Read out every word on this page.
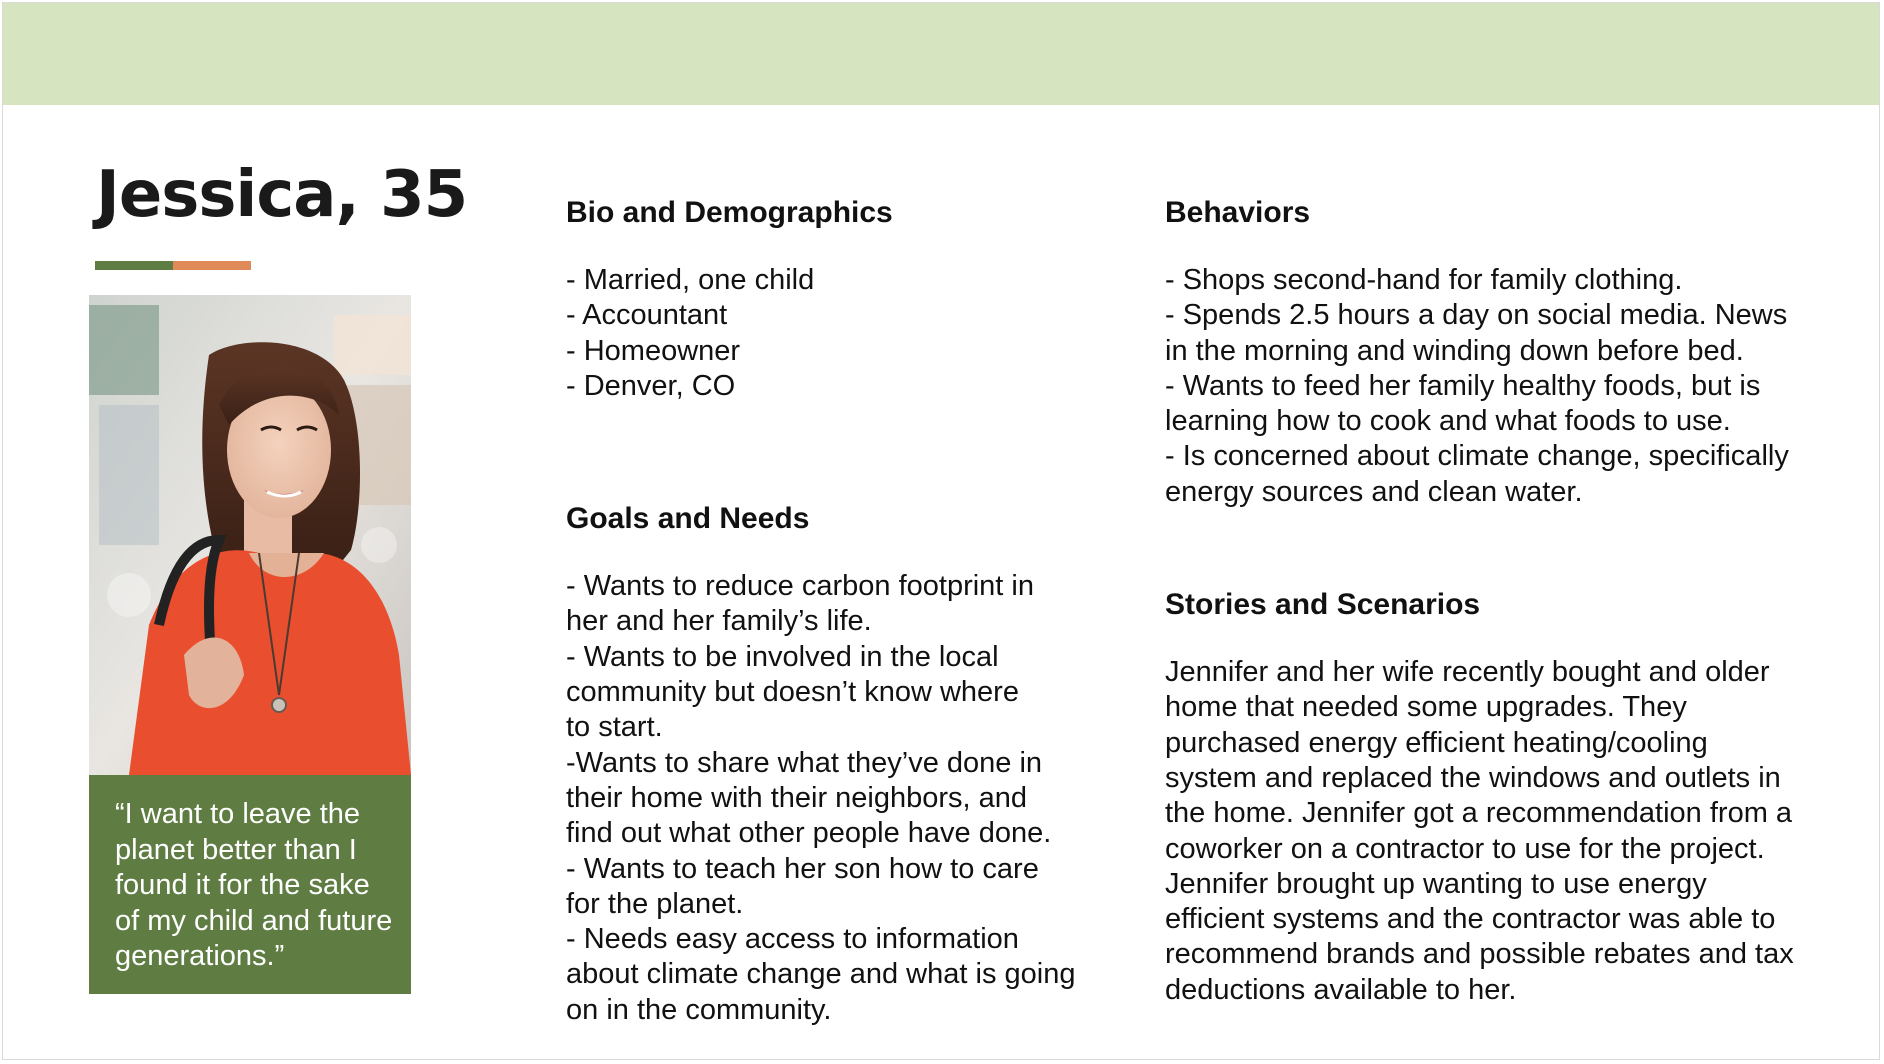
Jessica, 35
“I want to leave the
planet better than I
found it for the sake
of my child and future
generations.”
Bio and Demographics
- Married, one child
- Accountant
- Homeowner
- Denver, CO
Goals and Needs
- Wants to reduce carbon footprint in
her and her family’s life.
- Wants to be involved in the local
community but doesn’t know where
to start.
-Wants to share what they’ve done in
their home with their neighbors, and
find out what other people have done.
- Wants to teach her son how to care
for the planet.
- Needs easy access to information
about climate change and what is going
on in the community.
Behaviors
- Shops second-hand for family clothing.
- Spends 2.5 hours a day on social media. News
in the morning and winding down before bed.
- Wants to feed her family healthy foods, but is
learning how to cook and what foods to use.
- Is concerned about climate change, specifically
energy sources and clean water.
Stories and Scenarios
Jennifer and her wife recently bought and older
home that needed some upgrades. They
purchased energy efficient heating/cooling
system and replaced the windows and outlets in
the home. Jennifer got a recommendation from a
coworker on a contractor to use for the project.
Jennifer brought up wanting to use energy
efficient systems and the contractor was able to
recommend brands and possible rebates and tax
deductions available to her.
